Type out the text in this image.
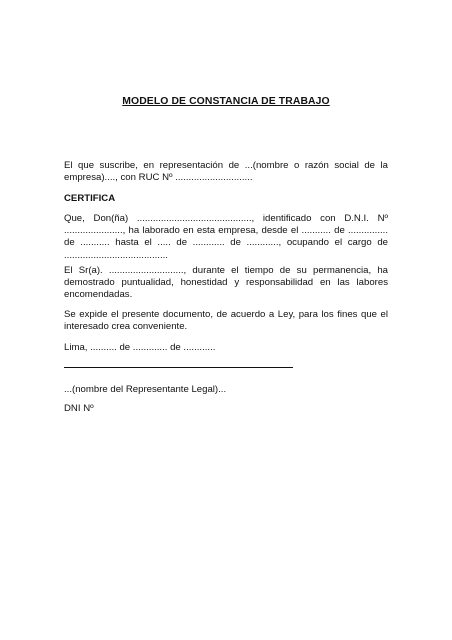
MODELO DE CONSTANCIA DE TRABAJO
El que suscribe, en representación de ...(nombre o razón social de la empresa)...., con RUC Nº .............................
CERTIFICA
Que, Don(ña) ..........................................., identificado con D.N.I. Nº ......................, ha laborado en esta empresa, desde el ........... de ............... de ........... hasta el ..... de ............ de ............, ocupando el cargo de .......................................
El Sr(a). ............................, durante el tiempo de su permanencia, ha demostrado puntualidad, honestidad y responsabilidad en las labores encomendadas.
Se expide el presente documento, de acuerdo a Ley, para los fines que el interesado crea conveniente.
Lima, .......... de ............. de ............
...(nombre del Representante Legal)...
DNI Nº
